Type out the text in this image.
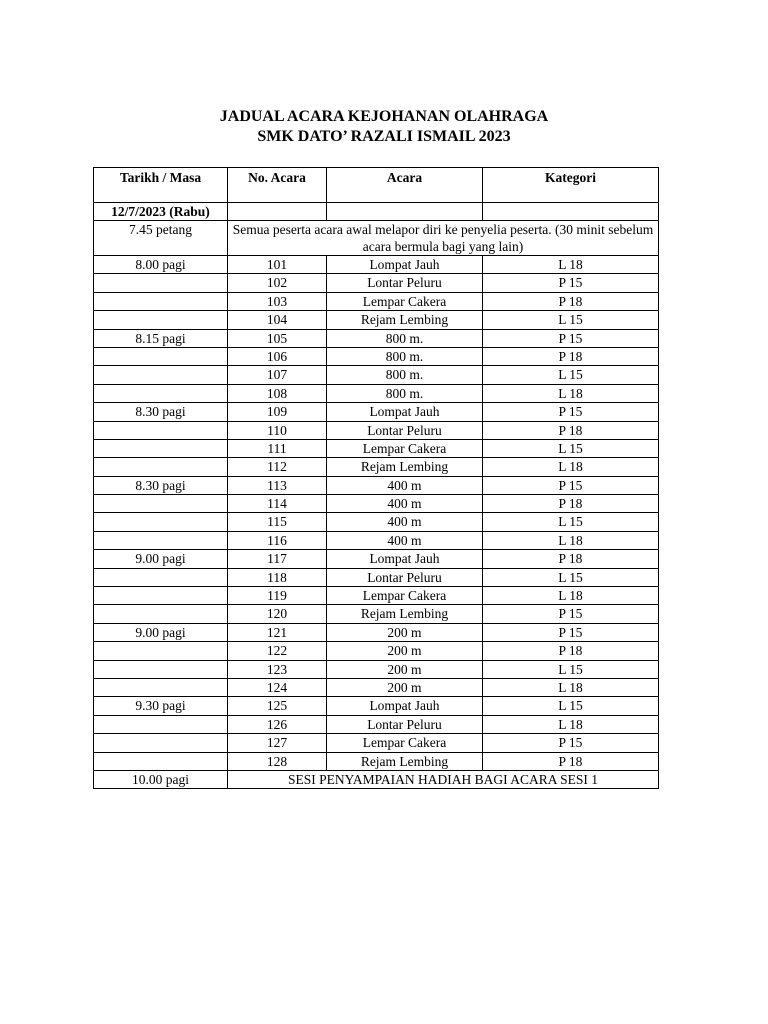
JADUAL ACARA KEJOHANAN OLAHRAGA
SMK DATO’ RAZALI ISMAIL 2023
Tarikh / Masa	No. Acara	Acara	Kategori
12/7/2023 (Rabu)			
7.45 petang	Semua peserta acara awal melapor diri ke penyelia peserta. (30 minit sebelum acara bermula bagi yang lain)		
8.00 pagi	101	Lompat Jauh	L 18
	102	Lontar Peluru	P 15
	103	Lempar Cakera	P 18
	104	Rejam Lembing	L 15
8.15 pagi	105	800 m.	P 15
	106	800 m.	P 18
	107	800 m.	L 15
	108	800 m.	L 18
8.30 pagi	109	Lompat Jauh	P 15
	110	Lontar Peluru	P 18
	111	Lempar Cakera	L 15
	112	Rejam Lembing	L 18
8.30 pagi	113	400 m	P 15
	114	400 m	P 18
	115	400 m	L 15
	116	400 m	L 18
9.00 pagi	117	Lompat Jauh	P 18
	118	Lontar Peluru	L 15
	119	Lempar Cakera	L 18
	120	Rejam Lembing	P 15
9.00 pagi	121	200 m	P 15
	122	200 m	P 18
	123	200 m	L 15
	124	200 m	L 18
9.30 pagi	125	Lompat Jauh	L 15
	126	Lontar Peluru	L 18
	127	Lempar Cakera	P 15
	128	Rejam Lembing	P 18
10.00 pagi	SESI PENYAMPAIAN HADIAH BAGI ACARA SESI 1		
